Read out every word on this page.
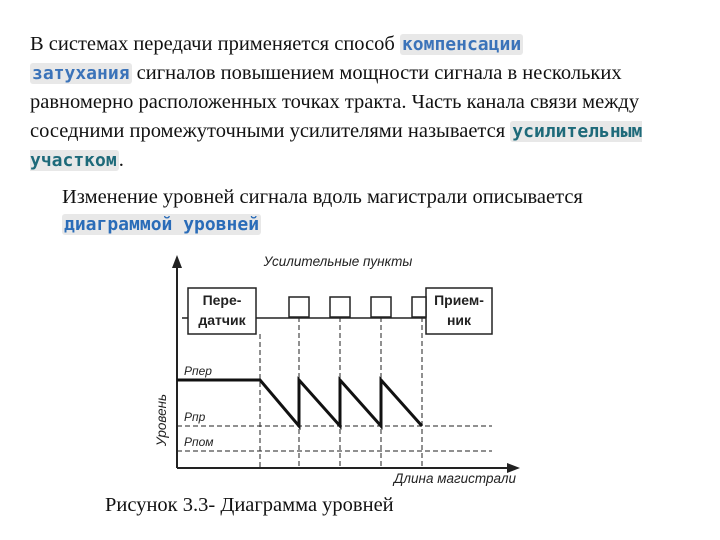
В системах передачи применяется способ компенсации
затухания сигналов повышением мощности сигнала в нескольких равномерно расположенных точках тракта. Часть канала связи между соседними промежуточными усилителями называется усилительным участком.
Изменение уровней сигнала вдоль магистрали описывается диаграммой уровней
Усилительные пункты
Пере-
датчик
Прием-
ник
Рпер
Рпр
Рпом
Уровень
Длина магистрали
Рисунок 3.3- Диаграмма уровней
